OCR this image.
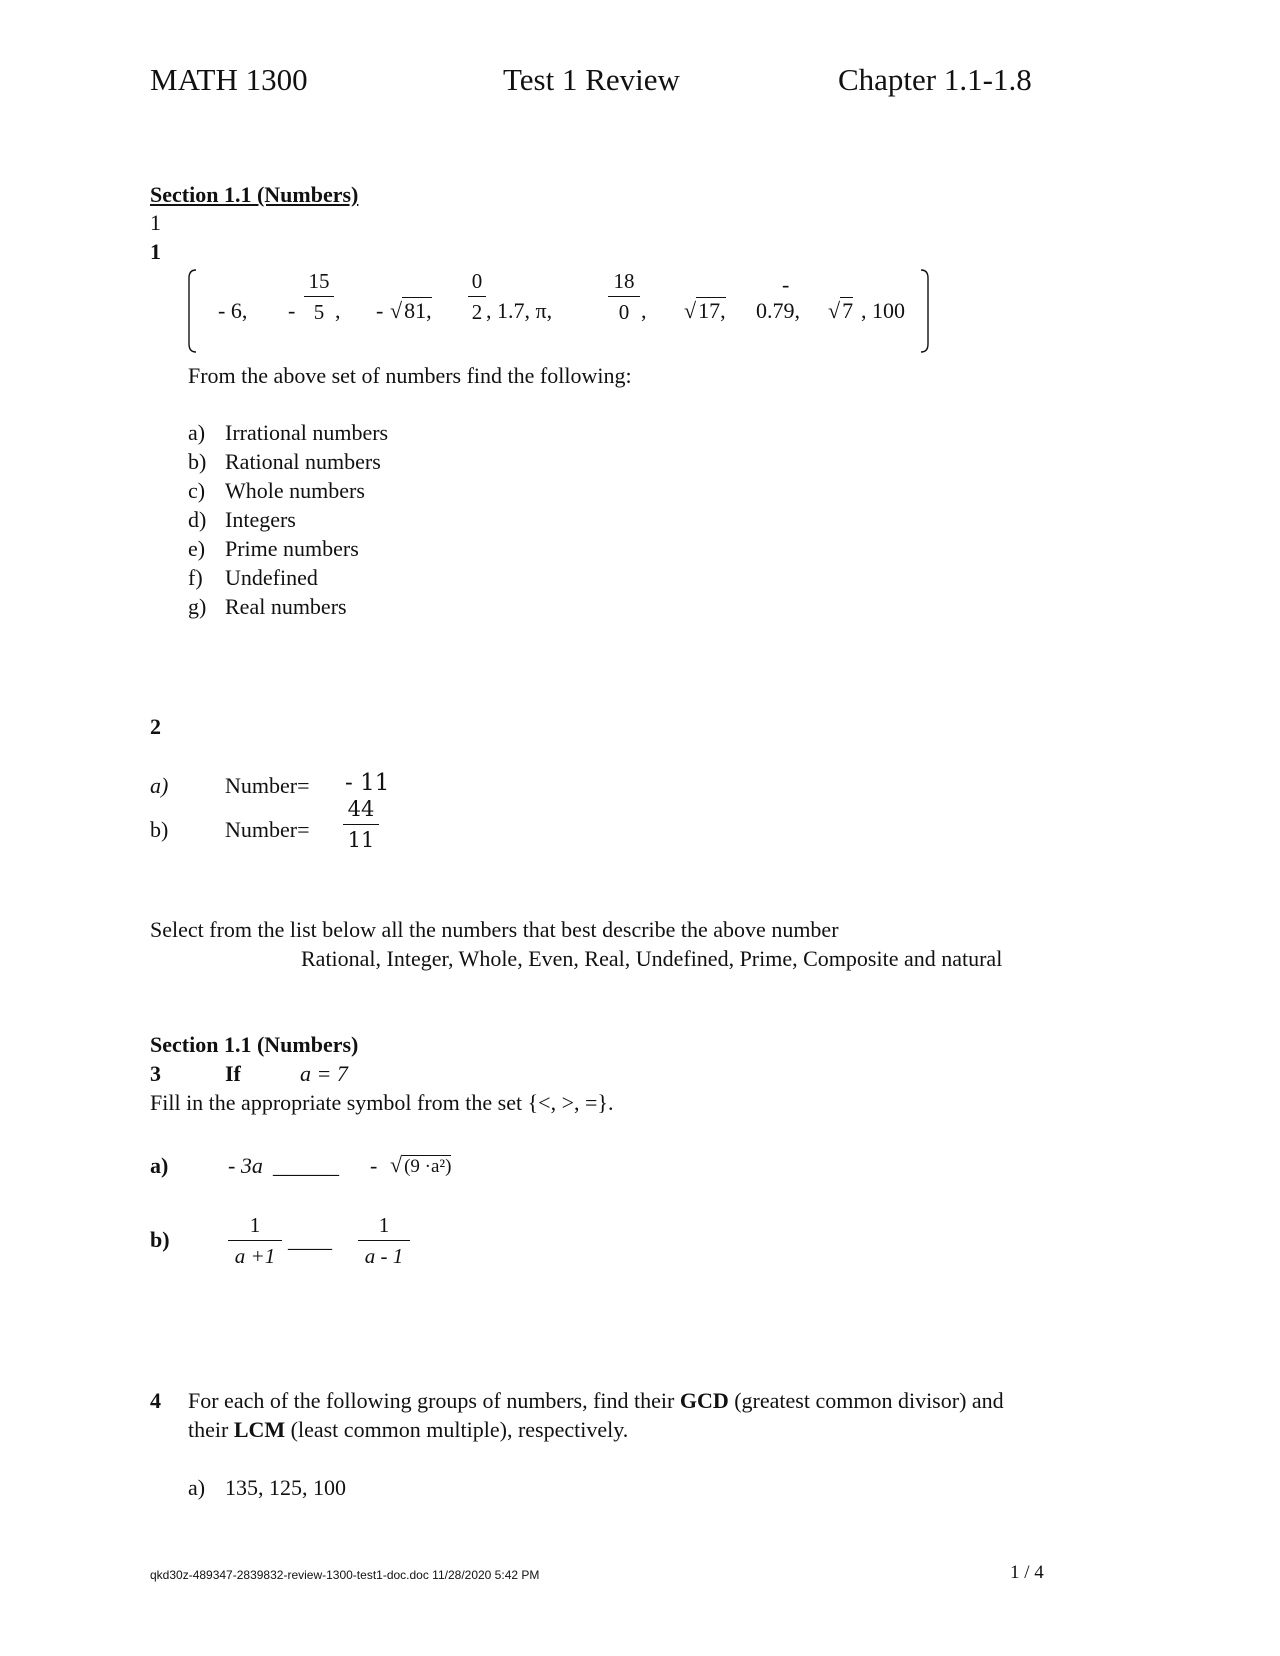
MATH 1300	Test 1 Review	Chapter 1.1-1.8
Section 1.1 (Numbers)
1
1
- 6, -
15
5 , - √81,
0
2 , 1.7, π,
18
0 , √17,
-
0.79, √7 , 100
From the above set of numbers find the following:
a) Irrational numbers
b) Rational numbers
c) Whole numbers
d) Integers
e) Prime numbers
f) Undefined
g) Real numbers
2
a)	Number= - 11
b)	Number=
44
11
Select from the list below all the numbers that best describe the above number
Rational, Integer, Whole, Even, Real, Undefined, Prime, Composite and natural
Section 1.1 (Numbers)
3	If	a = 7
Fill in the appropriate symbol from the set {<, >, =}.
a)	- 3a ______ - √ (9 ·a²)
b)
1
a +1
____
1
a - 1
4 For each of the following groups of numbers, find their GCD (greatest common divisor) and
their LCM (least common multiple), respectively.
a) 135, 125, 100
qkd30z-489347-2839832-review-1300-test1-doc.doc 11/28/2020 5:42 PM	1 / 4
